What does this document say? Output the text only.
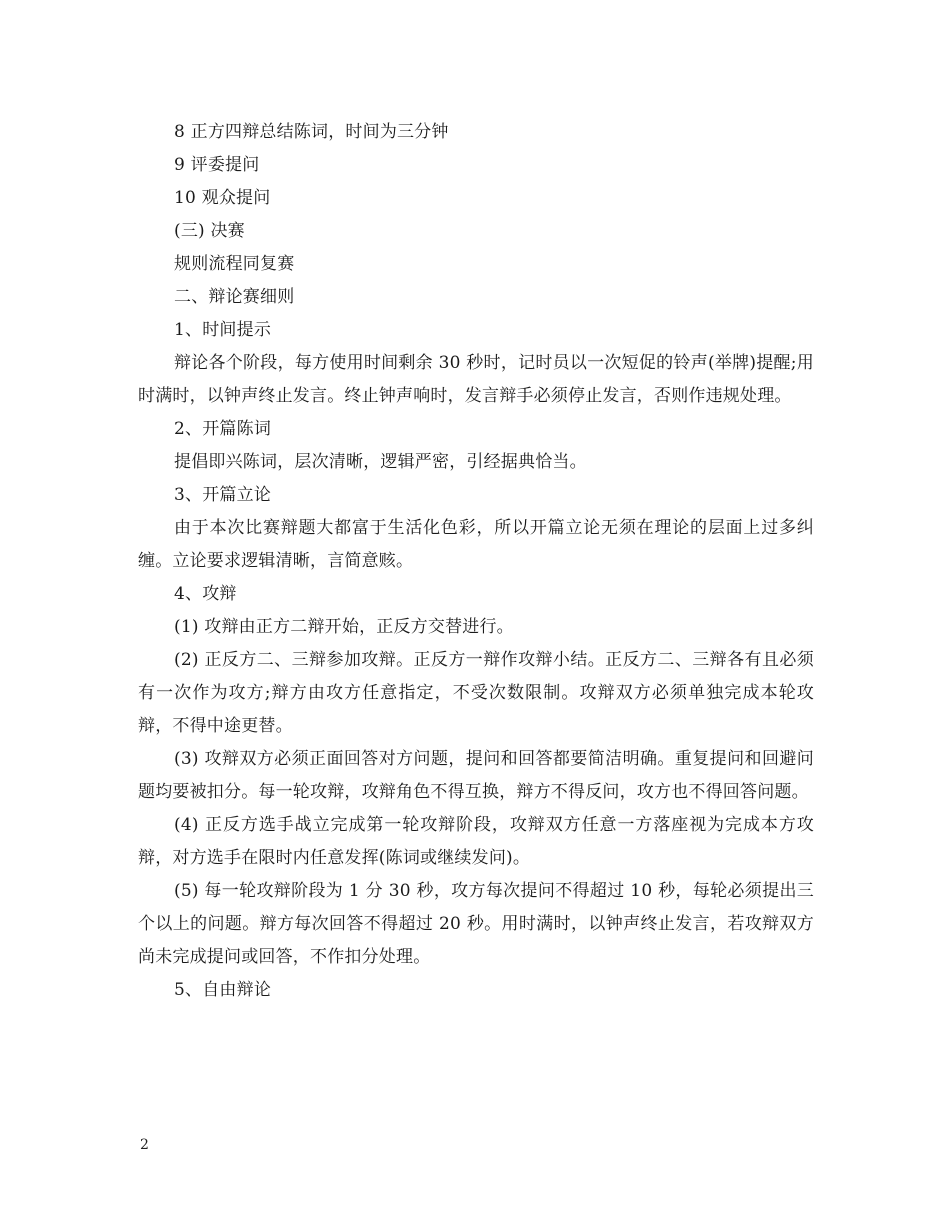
8 正方四辩总结陈词，时间为三分钟
9 评委提问
10 观众提问
(三) 决赛
规则流程同复赛
二、辩论赛细则
1、时间提示
辩论各个阶段，每方使用时间剩余 30 秒时，记时员以一次短促的铃声(举牌)提醒;用时满时，以钟声终止发言。终止钟声响时，发言辩手必须停止发言，否则作违规处理。
2、开篇陈词
提倡即兴陈词，层次清晰，逻辑严密，引经据典恰当。
3、开篇立论
由于本次比赛辩题大都富于生活化色彩，所以开篇立论无须在理论的层面上过多纠缠。立论要求逻辑清晰，言简意赅。
4、攻辩
(1) 攻辩由正方二辩开始，正反方交替进行。
(2) 正反方二、三辩参加攻辩。正反方一辩作攻辩小结。正反方二、三辩各有且必须有一次作为攻方;辩方由攻方任意指定，不受次数限制。攻辩双方必须单独完成本轮攻辩，不得中途更替。
(3) 攻辩双方必须正面回答对方问题，提问和回答都要简洁明确。重复提问和回避问题均要被扣分。每一轮攻辩，攻辩角色不得互换，辩方不得反问，攻方也不得回答问题。
(4) 正反方选手战立完成第一轮攻辩阶段，攻辩双方任意一方落座视为完成本方攻辩，对方选手在限时内任意发挥(陈词或继续发问)。
(5) 每一轮攻辩阶段为 1 分 30 秒，攻方每次提问不得超过 10 秒，每轮必须提出三个以上的问题。辩方每次回答不得超过 20 秒。用时满时，以钟声终止发言，若攻辩双方尚未完成提问或回答，不作扣分处理。
5、自由辩论
2
